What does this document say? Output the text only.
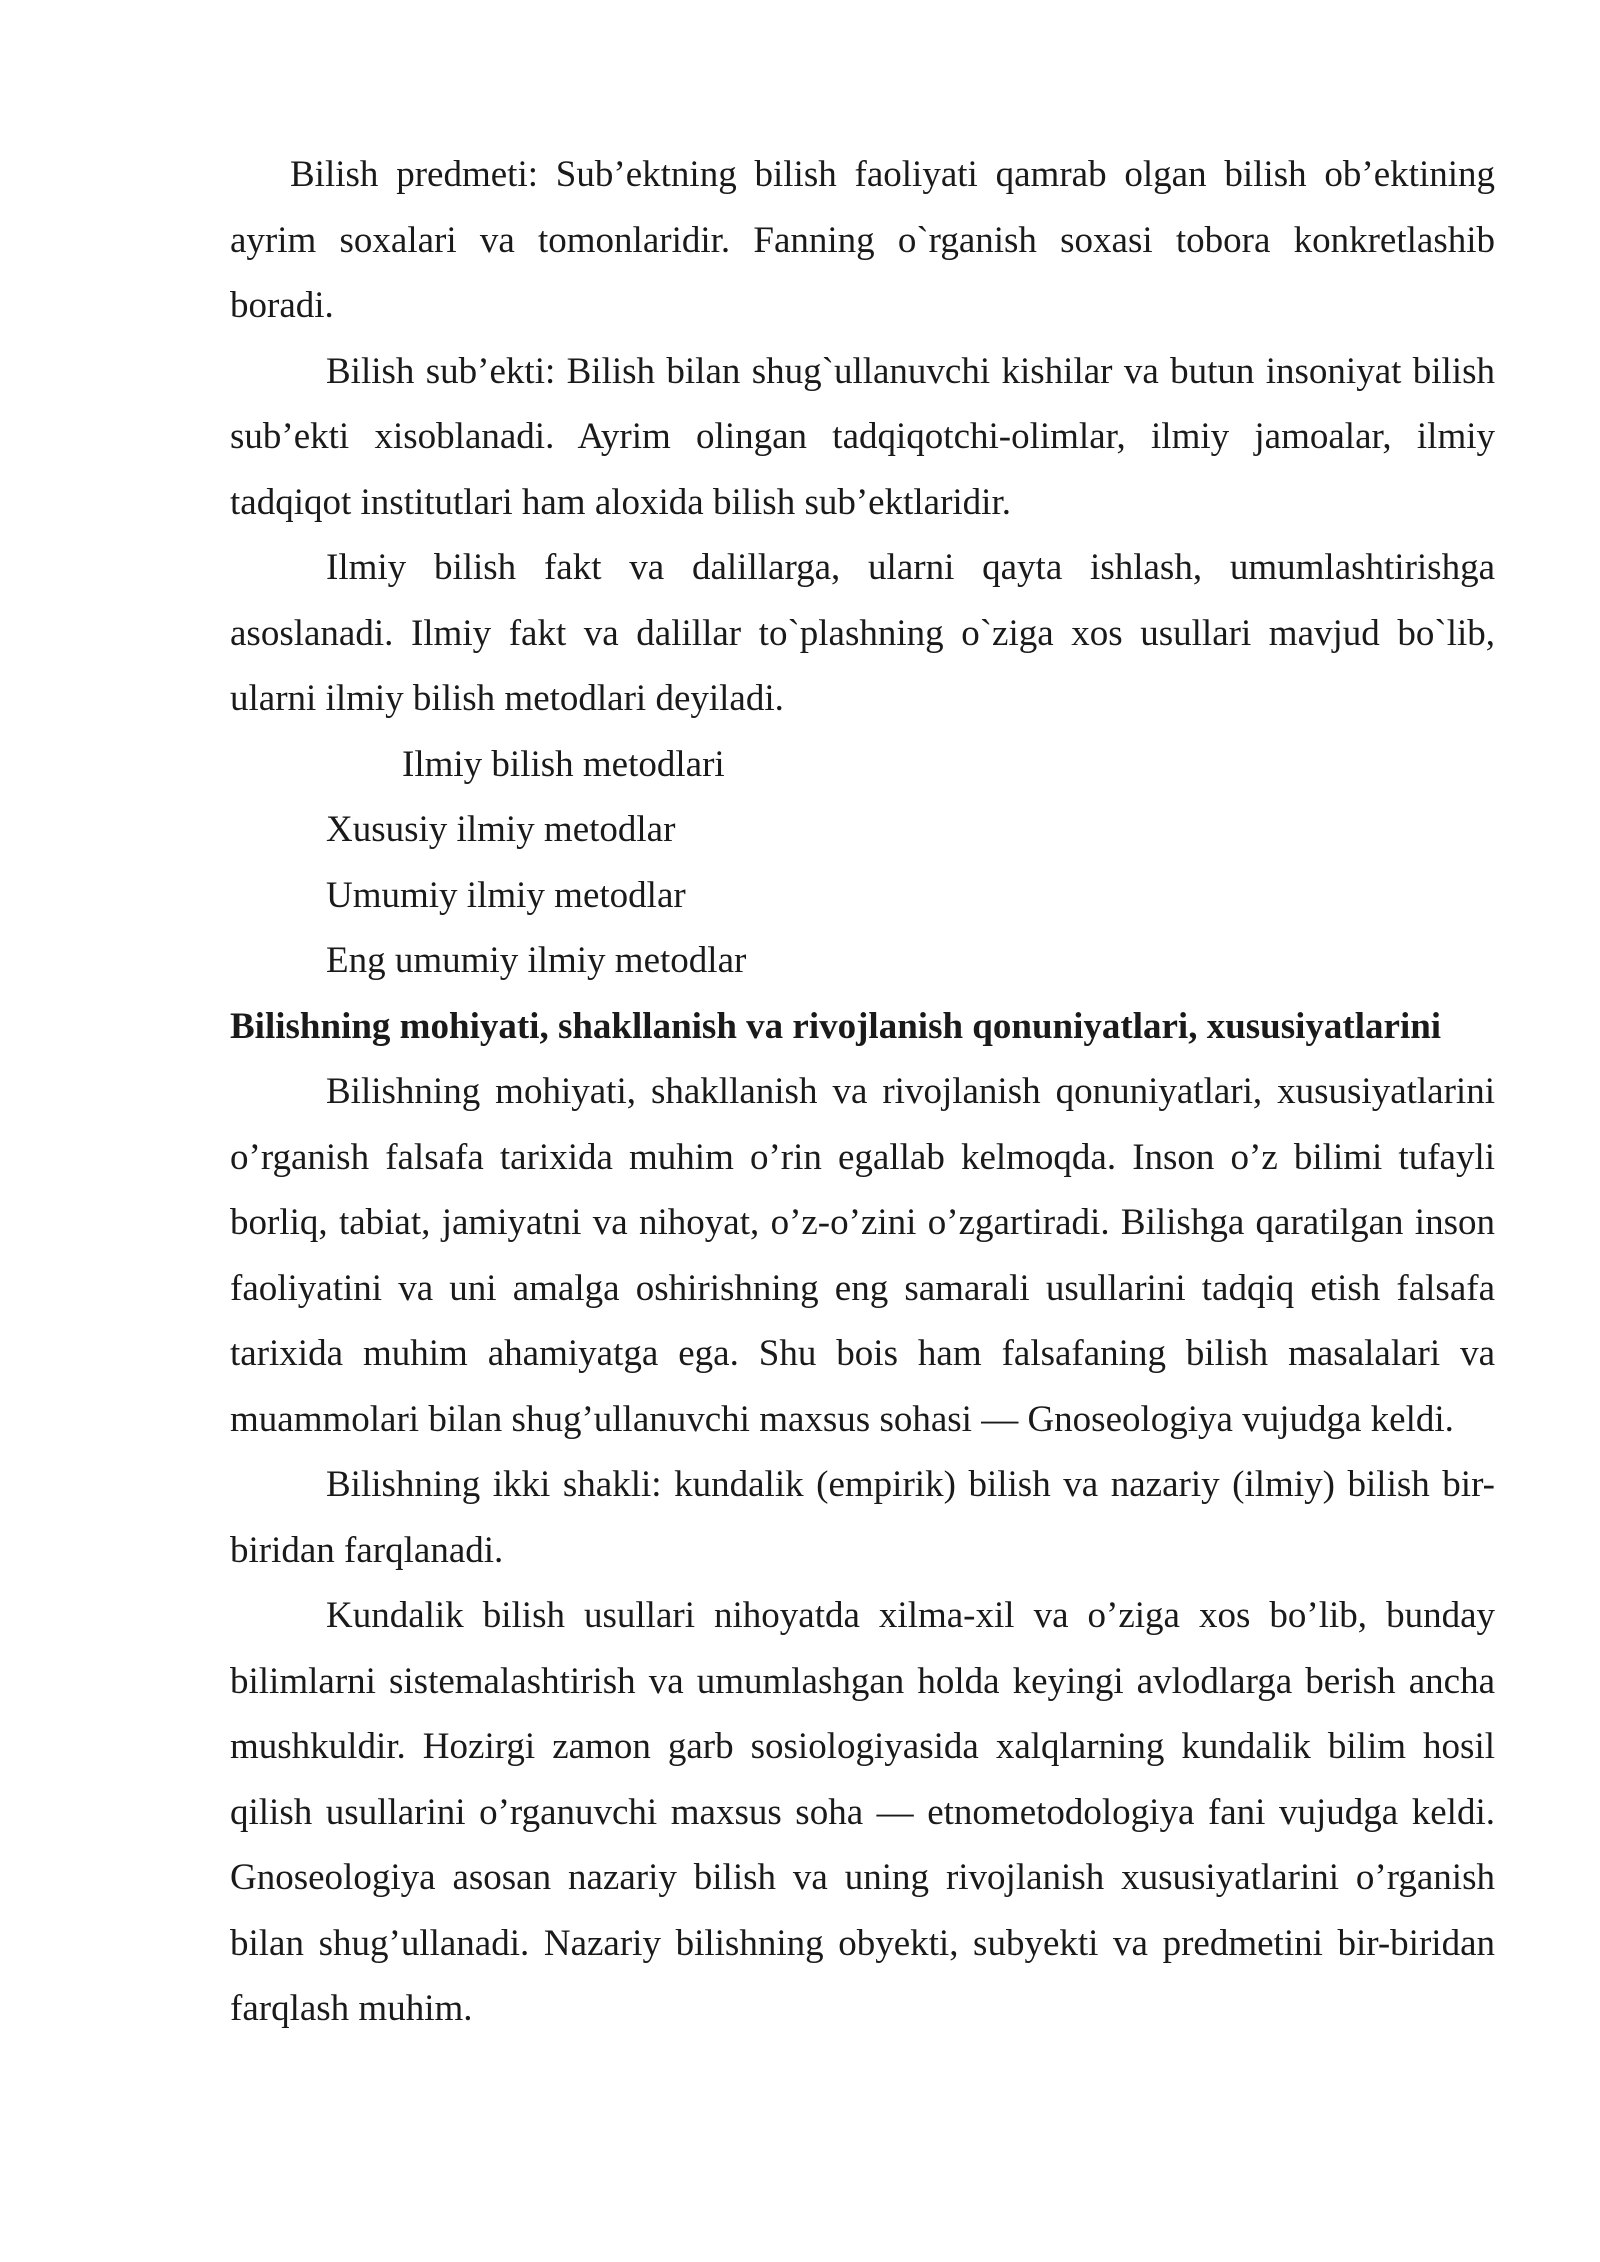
Bilish predmeti: Sub’ektning bilish faoliyati qamrab olgan bilish ob’ektining ayrim soxalari va tomonlaridir. Fanning o`rganish soxasi tobora konkretlashib boradi.

Bilish sub’ekti: Bilish bilan shug`ullanuvchi kishilar va butun insoniyat bilish sub’ekti xisoblanadi. Ayrim olingan tadqiqotchi-olimlar, ilmiy jamoalar, ilmiy tadqiqot institutlari ham aloxida bilish sub’ektlaridir.

Ilmiy bilish fakt va dalillarga, ularni qayta ishlash, umumlashtirishga asoslanadi. Ilmiy fakt va dalillar to`plashning o`ziga xos usullari mavjud bo`lib, ularni ilmiy bilish metodlari deyiladi.

Ilmiy bilish metodlari

Xususiy ilmiy metodlar

Umumiy ilmiy metodlar

Eng umumiy ilmiy metodlar

Bilishning mohiyati, shakllanish va rivojlanish qonuniyatlari, xususiyatlarini

Bilishning mohiyati, shakllanish va rivojlanish qonuniyatlari, xususiyatlarini o’rganish falsafa tarixida muhim o’rin egallab kelmoqda. Inson o’z bilimi tufayli borliq, tabiat, jamiyatni va nihoyat, o’z-o’zini o’zgartiradi. Bilishga qaratilgan inson faoliyatini va uni amalga oshirishning eng samarali usullarini tadqiq etish falsafa tarixida muhim ahamiyatga ega. Shu bois ham falsafaning bilish masalalari va muammolari bilan shug’ullanuvchi maxsus sohasi — Gnoseologiya vujudga keldi.

Bilishning ikki shakli: kundalik (empirik) bilish va nazariy (ilmiy) bilish bir-biridan farqlanadi.

Kundalik bilish usullari nihoyatda xilma-xil va o’ziga xos bo’lib, bunday bilimlarni sistemalashtirish va umumlashgan holda keyingi avlodlarga berish ancha mushkuldir. Hozirgi zamon garb sosiologiyasida xalqlarning kundalik bilim hosil qilish usullarini o’rganuvchi maxsus soha — etnometodologiya fani vujudga keldi. Gnoseologiya asosan nazariy bilish va uning rivojlanish xususiyatlarini o’rganish bilan shug’ullanadi. Nazariy bilishning obyekti, subyekti va predmetini bir-biridan farqlash muhim.
